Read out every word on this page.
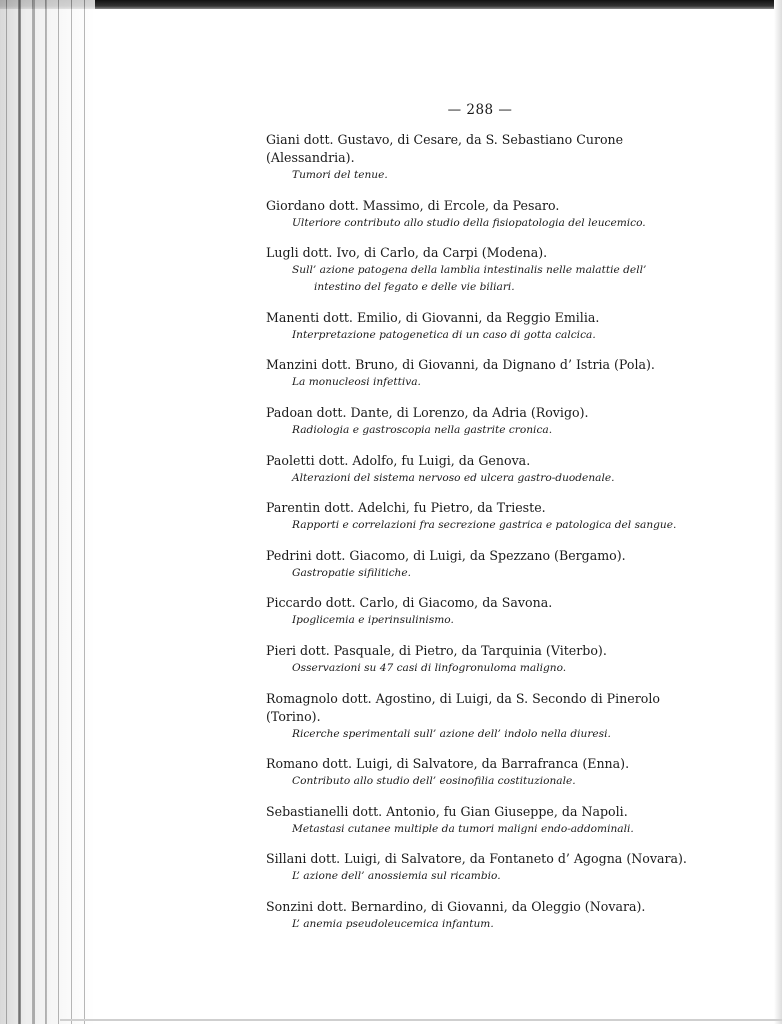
— 288 —
Giani dott. Gustavo, di Cesare, da S. Sebastiano Curone (Alessandria).
Tumori del tenue.
Giordano dott. Massimo, di Ercole, da Pesaro.
Ulteriore contributo allo studio della fisiopatologia del leucemico.
Lugli dott. Ivo, di Carlo, da Carpi (Modena).
Sull’ azione patogena della lamblia intestinalis nelle malattie dell’ intestino del fegato e delle vie biliari.
Manenti dott. Emilio, di Giovanni, da Reggio Emilia.
Interpretazione patogenetica di un caso di gotta calcica.
Manzini dott. Bruno, di Giovanni, da Dignano d’ Istria (Pola).
La monucleosi infettiva.
Padoan dott. Dante, di Lorenzo, da Adria (Rovigo).
Radiologia e gastroscopia nella gastrite cronica.
Paoletti dott. Adolfo, fu Luigi, da Genova.
Alterazioni del sistema nervoso ed ulcera gastro-duodenale.
Parentin dott. Adelchi, fu Pietro, da Trieste.
Rapporti e correlazioni fra secrezione gastrica e patologica del sangue.
Pedrini dott. Giacomo, di Luigi, da Spezzano (Bergamo).
Gastropatie sifilitiche.
Piccardo dott. Carlo, di Giacomo, da Savona.
Ipoglicemia e iperinsulinismo.
Pieri dott. Pasquale, di Pietro, da Tarquinia (Viterbo).
Osservazioni su 47 casi di linfogronuloma maligno.
Romagnolo dott. Agostino, di Luigi, da S. Secondo di Pinerolo (Torino).
Ricerche sperimentali sull’ azione dell’ indolo nella diuresi.
Romano dott. Luigi, di Salvatore, da Barrafranca (Enna).
Contributo allo studio dell’ eosinofilia costituzionale.
Sebastianelli dott. Antonio, fu Gian Giuseppe, da Napoli.
Metastasi cutanee multiple da tumori maligni endo-addominali.
Sillani dott. Luigi, di Salvatore, da Fontaneto d’ Agogna (Novara).
L’ azione dell’ anossiemia sul ricambio.
Sonzini dott. Bernardino, di Giovanni, da Oleggio (Novara).
L’ anemia pseudoleucemica infantum.
